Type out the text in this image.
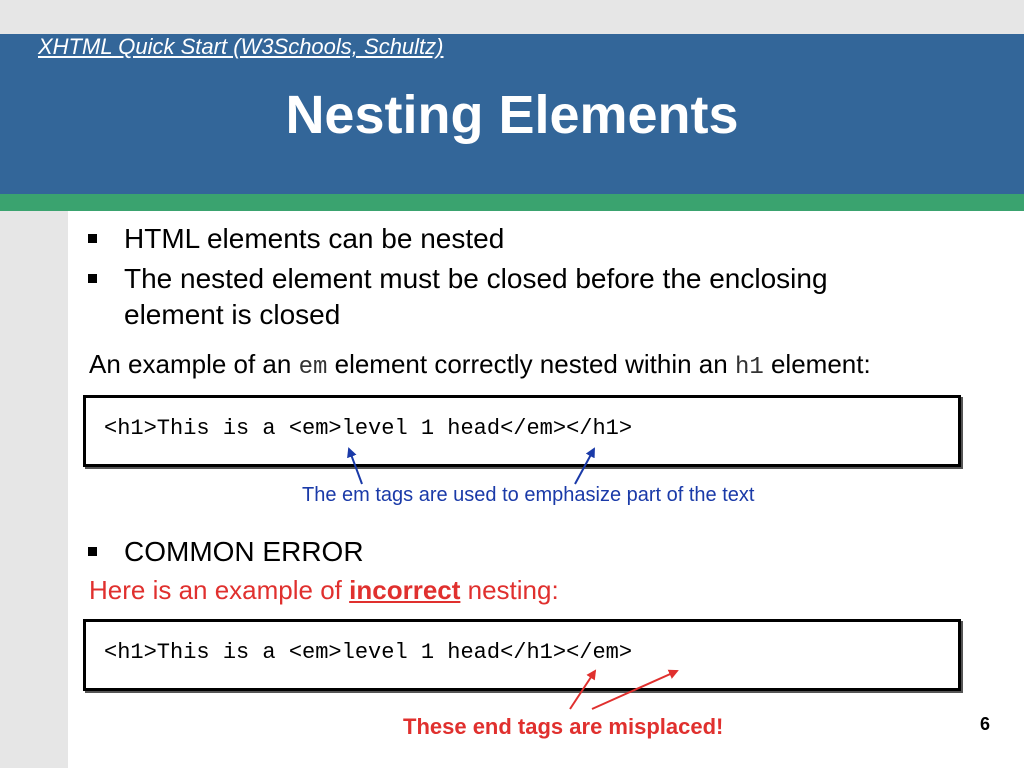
XHTML Quick Start (W3Schools, Schultz)
Nesting Elements
HTML elements can be nested
The nested element must be closed before the enclosing
element is closed
An example of an em element correctly nested within an h1 element:
<h1>This is a <em>level 1 head</em></h1>
The em tags are used to emphasize part of the text
COMMON ERROR
Here is an example of incorrect nesting:
<h1>This is a <em>level 1 head</h1></em>
These end tags are misplaced!	6
